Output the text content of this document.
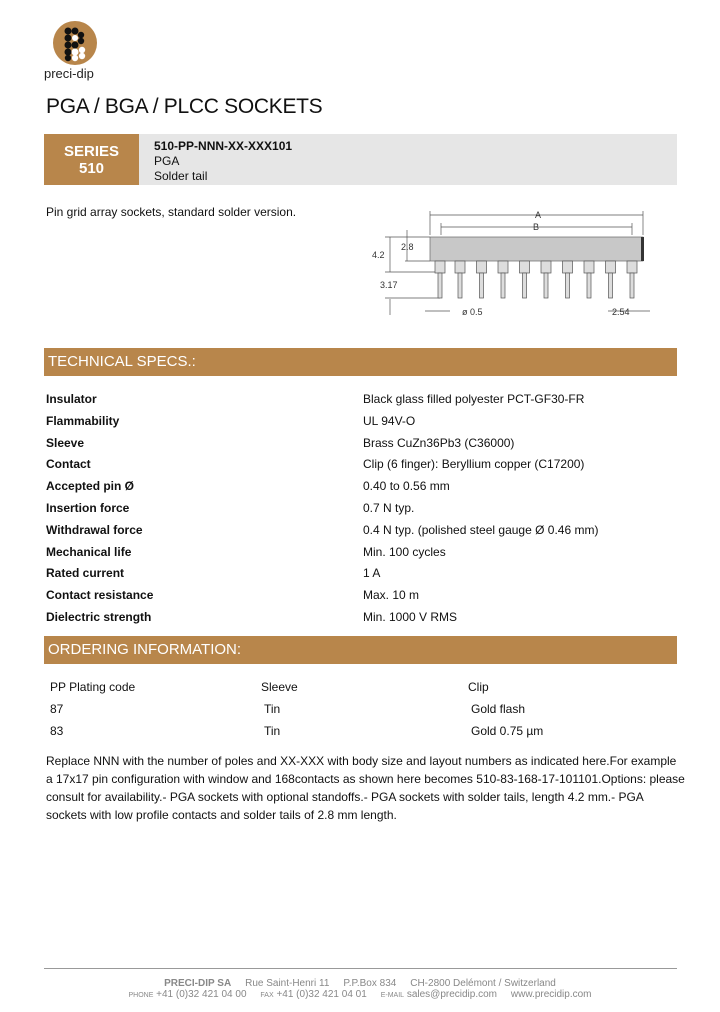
preci-dip
PGA / BGA / PLCC SOCKETS
SERIES
510
510-PP-NNN-XX-XXX101
PGA
Solder tail
Pin grid array sockets, standard solder version.	A
B
4.2
2.8
3.17
ø 0.5	2.54
TECHNICAL SPECS.:
Insulator	Black glass filled polyester PCT-GF30-FR
Flammability	UL 94V-O
Sleeve	Brass CuZn36Pb3 (C36000)
Contact	Clip (6 finger): Beryllium copper (C17200)
Accepted pin Ø	0.40 to 0.56 mm
Insertion force	0.7 N typ.
Withdrawal force	0.4 N typ. (polished steel gauge Ø 0.46 mm)
Mechanical life	Min. 100 cycles
Rated current	1 A
Contact resistance	Max. 10 m
Dielectric strength	Min. 1000 V RMS
ORDERING INFORMATION:
PP Plating code	Sleeve	Clip
87	Tin	Gold flash
83	Tin	Gold 0.75 µm
Replace NNN with the number of poles and XX-XXX with body size and layout numbers as indicated here.For example a 17x17 pin configuration with window and 168contacts as shown here becomes 510-83-168-17-101101.Options: please consult for availability.- PGA sockets with optional standoffs.- PGA sockets with solder tails, length 4.2 mm.- PGA sockets with low profile contacts and solder tails of 2.8 mm length.
PRECI-DIP SA Rue Saint-Henri 11 P.P.Box 834 CH-2800 Delémont / Switzerland
PHONE +41 (0)32 421 04 00 FAX +41 (0)32 421 04 01 E-MAIL sales@precidip.com www.precidip.com
